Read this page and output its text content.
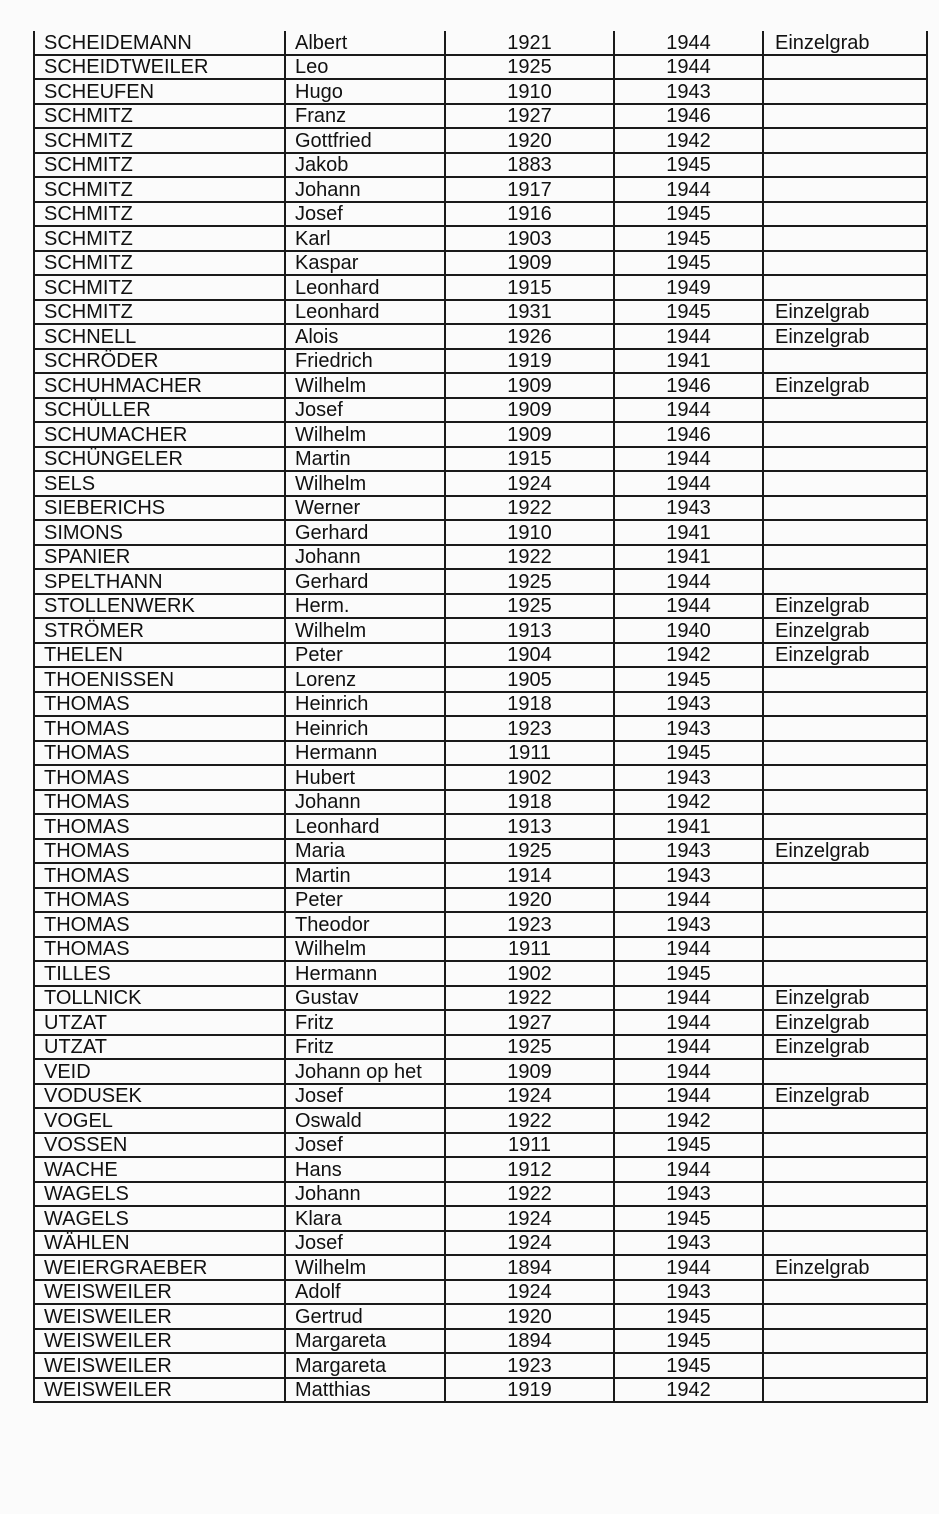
SCHEIDEMANN	Albert	1921	1944	Einzelgrab
SCHEIDTWEILER	Leo	1925	1944	
SCHEUFEN	Hugo	1910	1943	
SCHMITZ	Franz	1927	1946	
SCHMITZ	Gottfried	1920	1942	
SCHMITZ	Jakob	1883	1945	
SCHMITZ	Johann	1917	1944	
SCHMITZ	Josef	1916	1945	
SCHMITZ	Karl	1903	1945	
SCHMITZ	Kaspar	1909	1945	
SCHMITZ	Leonhard	1915	1949	
SCHMITZ	Leonhard	1931	1945	Einzelgrab
SCHNELL	Alois	1926	1944	Einzelgrab
SCHRÖDER	Friedrich	1919	1941	
SCHUHMACHER	Wilhelm	1909	1946	Einzelgrab
SCHÜLLER	Josef	1909	1944	
SCHUMACHER	Wilhelm	1909	1946	
SCHÜNGELER	Martin	1915	1944	
SELS	Wilhelm	1924	1944	
SIEBERICHS	Werner	1922	1943	
SIMONS	Gerhard	1910	1941	
SPANIER	Johann	1922	1941	
SPELTHANN	Gerhard	1925	1944	
STOLLENWERK	Herm.	1925	1944	Einzelgrab
STRÖMER	Wilhelm	1913	1940	Einzelgrab
THELEN	Peter	1904	1942	Einzelgrab
THOENISSEN	Lorenz	1905	1945	
THOMAS	Heinrich	1918	1943	
THOMAS	Heinrich	1923	1943	
THOMAS	Hermann	1911	1945	
THOMAS	Hubert	1902	1943	
THOMAS	Johann	1918	1942	
THOMAS	Leonhard	1913	1941	
THOMAS	Maria	1925	1943	Einzelgrab
THOMAS	Martin	1914	1943	
THOMAS	Peter	1920	1944	
THOMAS	Theodor	1923	1943	
THOMAS	Wilhelm	1911	1944	
TILLES	Hermann	1902	1945	
TOLLNICK	Gustav	1922	1944	Einzelgrab
UTZAT	Fritz	1927	1944	Einzelgrab
UTZAT	Fritz	1925	1944	Einzelgrab
VEID	Johann op het	1909	1944	
VODUSEK	Josef	1924	1944	Einzelgrab
VOGEL	Oswald	1922	1942	
VOSSEN	Josef	1911	1945	
WACHE	Hans	1912	1944	
WAGELS	Johann	1922	1943	
WAGELS	Klara	1924	1945	
WÄHLEN	Josef	1924	1943	
WEIERGRAEBER	Wilhelm	1894	1944	Einzelgrab
WEISWEILER	Adolf	1924	1943	
WEISWEILER	Gertrud	1920	1945	
WEISWEILER	Margareta	1894	1945	
WEISWEILER	Margareta	1923	1945	
WEISWEILER	Matthias	1919	1942	
